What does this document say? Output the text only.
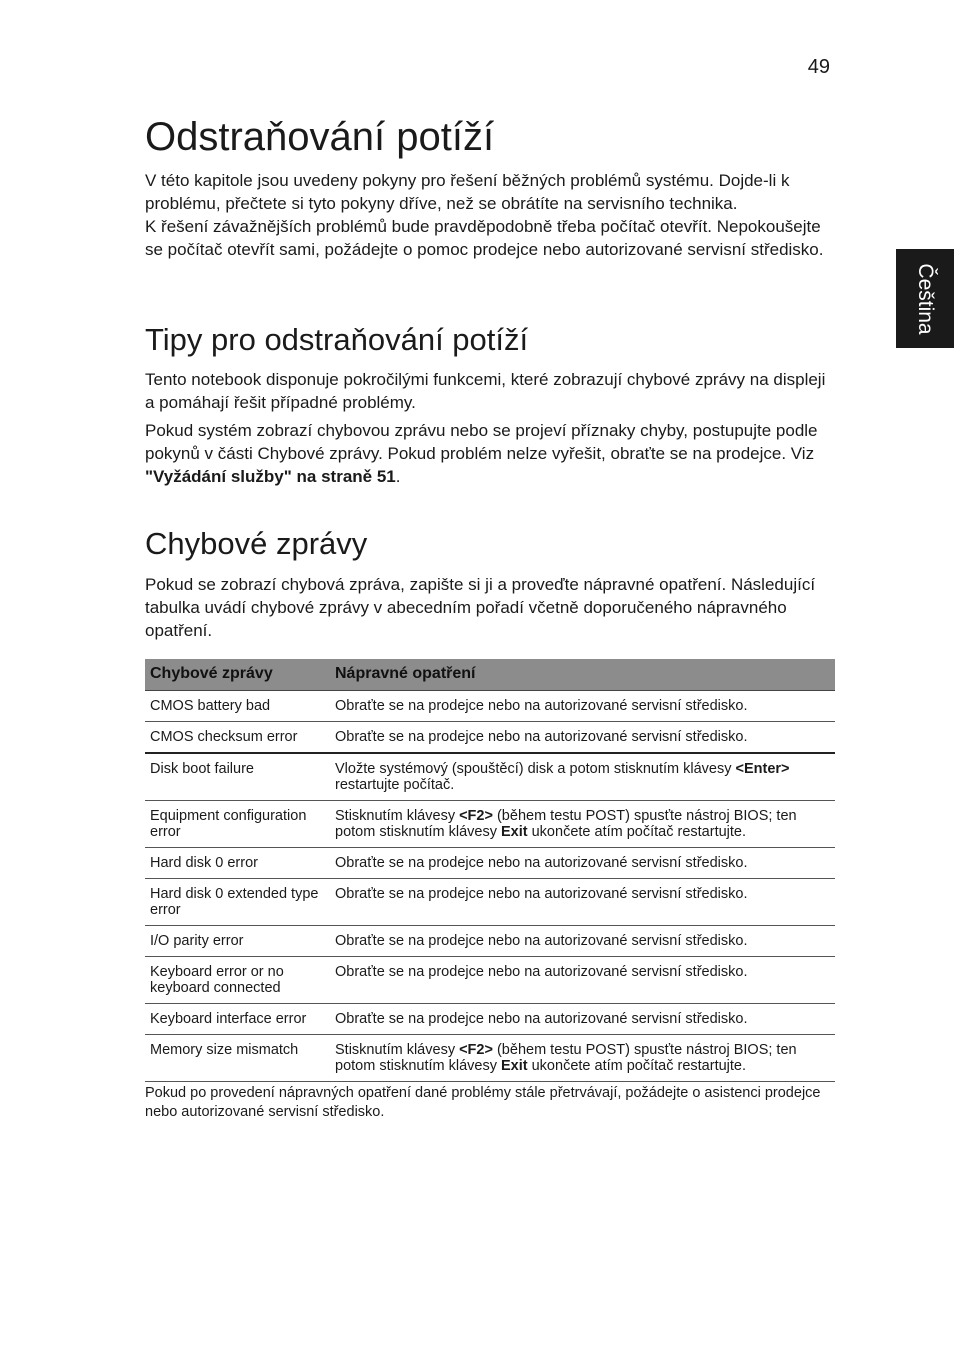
49
Čeština
Odstraňování potíží

V této kapitole jsou uvedeny pokyny pro řešení běžných problémů systému. Dojde-li k problému, přečtete si tyto pokyny dříve, než se obrátíte na servisního technika.

K řešení závažnějších problémů bude pravděpodobně třeba počítač otevřít. Nepokoušejte se počítač otevřít sami, požádejte o pomoc prodejce nebo autorizované servisní středisko.

Tipy pro odstraňování potíží

Tento notebook disponuje pokročilými funkcemi, které zobrazují chybové zprávy na displeji a pomáhají řešit případné problémy.

Pokud systém zobrazí chybovou zprávu nebo se projeví příznaky chyby, postupujte podle pokynů v části Chybové zprávy. Pokud problém nelze vyřešit, obraťte se na prodejce. Viz "Vyžádání služby" na straně 51.

Chybové zprávy

Pokud se zobrazí chybová zpráva, zapište si ji a proveďte nápravné opatření. Následující tabulka uvádí chybové zprávy v abecedním pořadí včetně doporučeného nápravného opatření.

Chybové zprávy	Nápravné opatření
CMOS battery bad	Obraťte se na prodejce nebo na autorizované servisní středisko.
CMOS checksum error	Obraťte se na prodejce nebo na autorizované servisní středisko.
Disk boot failure	Vložte systémový (spouštěcí) disk a potom stisknutím klávesy <Enter> restartujte počítač.
Equipment configuration error	Stisknutím klávesy <F2> (během testu POST) spusťte nástroj BIOS; ten potom stisknutím klávesy Exit ukončete atím počítač restartujte.
Hard disk 0 error	Obraťte se na prodejce nebo na autorizované servisní středisko.
Hard disk 0 extended type error	Obraťte se na prodejce nebo na autorizované servisní středisko.
I/O parity error	Obraťte se na prodejce nebo na autorizované servisní středisko.
Keyboard error or no keyboard connected	Obraťte se na prodejce nebo na autorizované servisní středisko.
Keyboard interface error	Obraťte se na prodejce nebo na autorizované servisní středisko.
Memory size mismatch	Stisknutím klávesy <F2> (během testu POST) spusťte nástroj BIOS; ten potom stisknutím klávesy Exit ukončete atím počítač restartujte.
Pokud po provedení nápravných opatření dané problémy stále přetrvávají, požádejte o asistenci prodejce nebo autorizované servisní středisko.
